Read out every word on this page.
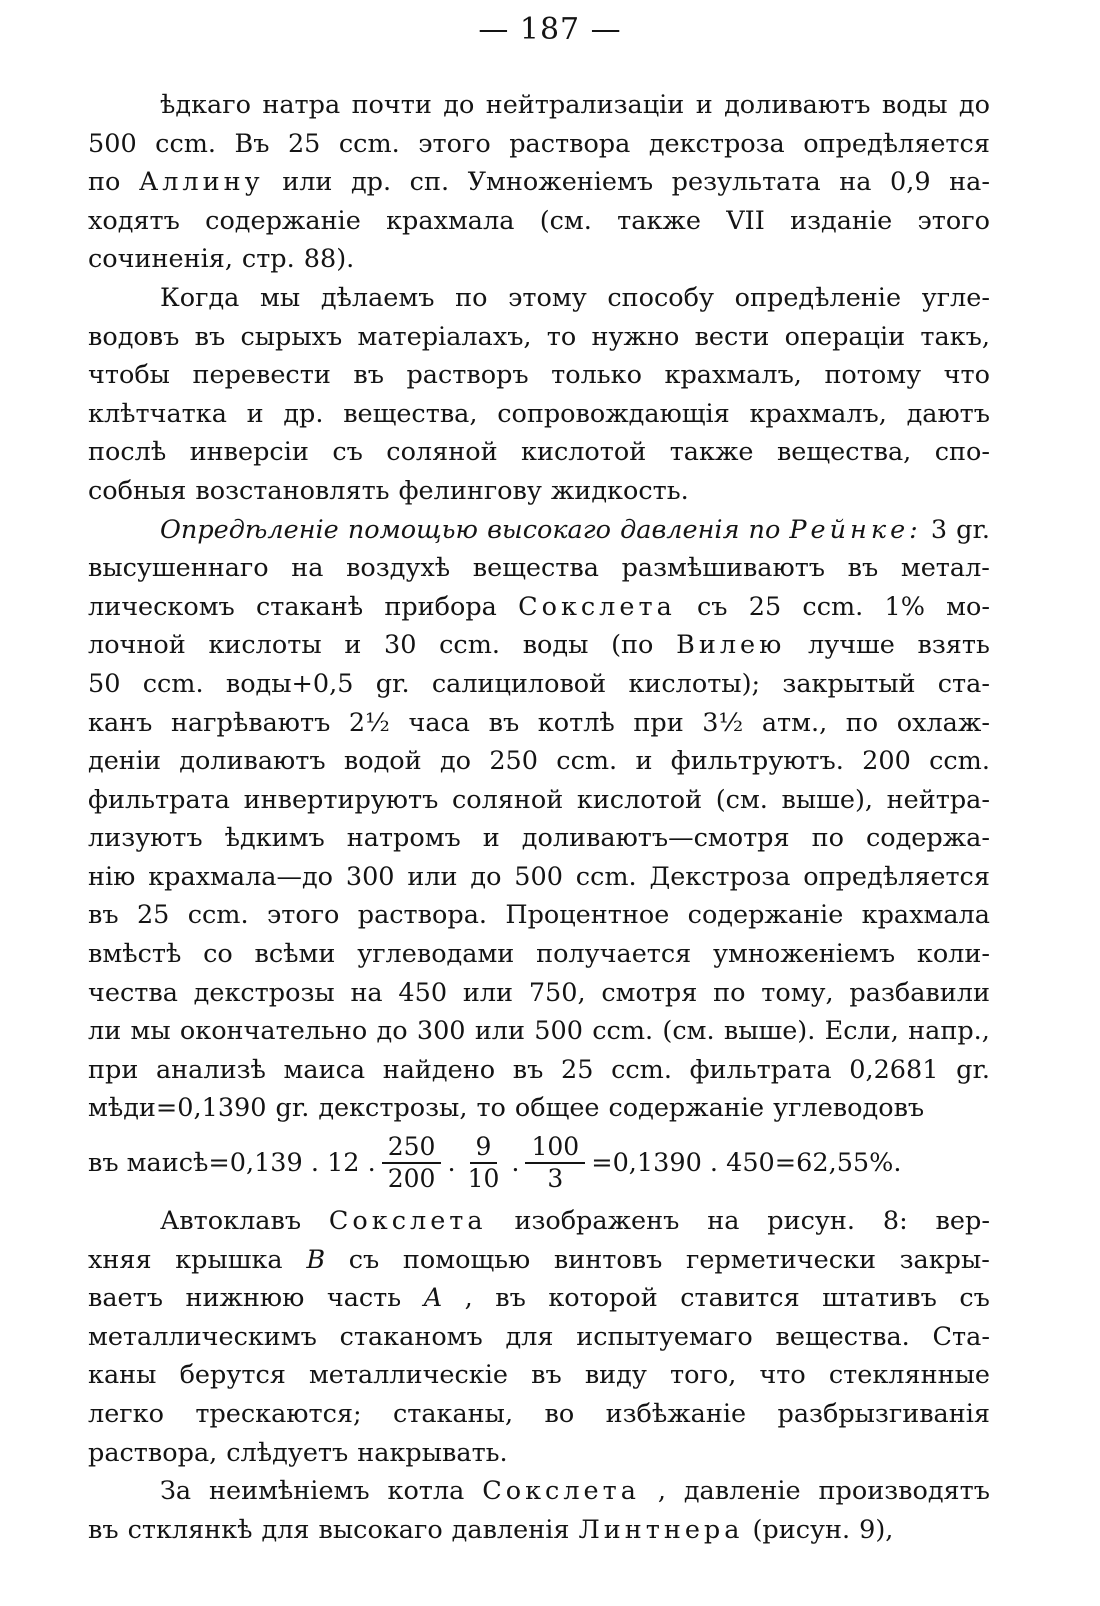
— 187 —
ѣдкаго натра почти до нейтрализаціи и доливаютъ воды до
500 ccm. Въ 25 ccm. этого раствора декстроза опредѣляется
по Аллину или др. сп. Умноженіемъ результата на 0,9 на-
ходятъ содержаніе крахмала (см. также VII изданіе этого
сочиненія, стр. 88).
Когда мы дѣлаемъ по этому способу опредѣленіе угле-
водовъ въ сырыхъ матеріалахъ, то нужно вести операціи такъ,
чтобы перевести въ растворъ только крахмалъ, потому что
клѣтчатка и др. вещества, сопровождающія крахмалъ, даютъ
послѣ инверсіи съ соляной кислотой также вещества, спо-
собныя возстановлять фелингову жидкость.
Опредѣленіе помощью высокаго давленія по Рейнке: 3 gr.
высушеннаго на воздухѣ вещества размѣшиваютъ въ метал-
лическомъ стаканѣ прибора Сокслета съ 25 ccm. 1% мо-
лочной кислоты и 30 ccm. воды (по Вилею лучше взять
50 ccm. воды+0,5 gr. салициловой кислоты); закрытый ста-
канъ нагрѣваютъ 2½ часа въ котлѣ при 3½ атм., по охлаж-
деніи доливаютъ водой до 250 ccm. и фильтруютъ. 200 ccm.
фильтрата инвертируютъ соляной кислотой (см. выше), нейтра-
лизуютъ ѣдкимъ натромъ и доливаютъ—смотря по содержа-
нію крахмала—до 300 или до 500 ccm. Декстроза опредѣляется
въ 25 ccm. этого раствора. Процентное содержаніе крахмала
вмѣстѣ со всѣми углеводами получается умноженіемъ коли-
чества декстрозы на 450 или 750, смотря по тому, разбавили
ли мы окончательно до 300 или 500 ccm. (см. выше). Если, напр.,
при анализѣ маиса найдено въ 25 ccm. фильтрата 0,2681 gr.
мѣди=0,1390 gr. декстрозы, то общее содержаніе углеводовъ
въ маисѣ=0,139 . 12 . $\frac{250}{200}$ . $\frac{9}{10}$ . $\frac{100}{3} =0,1390$ . 450=62,55%.
Автоклавъ Сокслета изображенъ на рисун. 8: вер-
хняя крышка B съ помощью винтовъ герметически закры-
ваетъ нижнюю часть A , въ которой ставится штативъ съ
металлическимъ стаканомъ для испытуемаго вещества. Ста-
каны берутся металлическіе въ виду того, что стеклянные
легко трескаются; стаканы, во избѣжаніе разбрызгиванія
раствора, слѣдуетъ накрывать.
За неимѣніемъ котла Сокслета , давленіе производятъ
въ стклянкѣ для высокаго давленія Линтнера (рисун. 9),
